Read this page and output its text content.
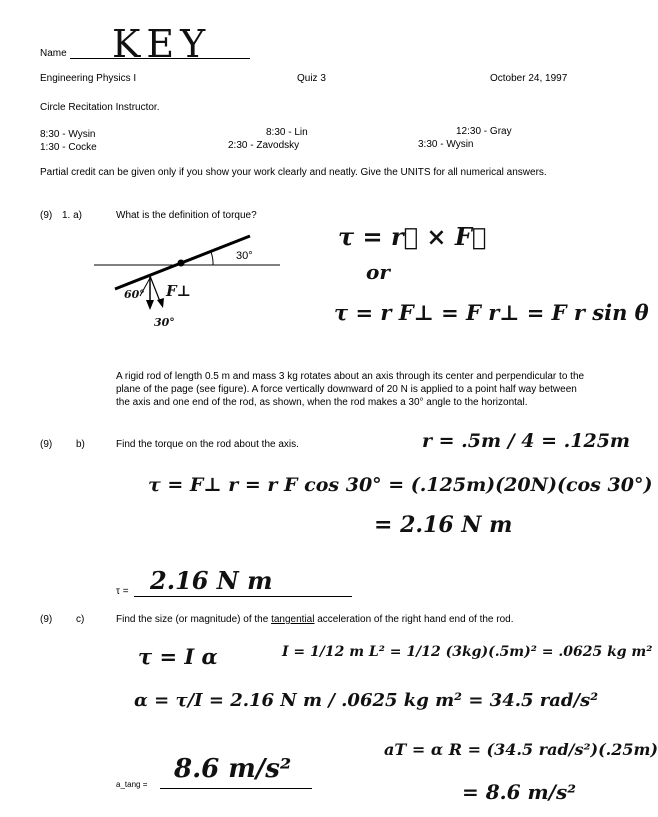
Name KEY
Engineering Physics I	Quiz 3	October 24, 1997
Circle Recitation Instructor.
8:30 - Wysin
1:30 - Cocke
8:30 - Lin
2:30 - Zavodsky
12:30 - Gray
3:30 - Wysin
Partial credit can be given only if you show your work clearly and neatly. Give the UNITS for all numerical answers.
(9) 1. a)	What is the definition of torque?
τ = r⃗ × F⃗
or
τ = r F⊥ = F r⊥ = F r sin θ
30°
60°
30°
F⊥
A rigid rod of length 0.5 m and mass 3 kg rotates about an axis through its center and perpendicular to the plane of the page (see figure). A force vertically downward of 20 N is applied to a point half way between the axis and one end of the rod, as shown, when the rod makes a 30° angle to the horizontal.
(9) b)	Find the torque on the rod about the axis.	r = .5m / 4 = .125m
τ = F⊥ r = r F cos 30° = (.125m)(20N)(cos 30°)
= 2.16 N m
τ = 2.16 N m
(9) c)	Find the size (or magnitude) of the tangential acceleration of the right hand end of the rod.
τ = I α	I = 1/12 m L² = 1/12 (3kg)(.5m)² = .0625 kg m²
α = τ/I = 2.16 N m / .0625 kg m² = 34.5 rad/s²
aT = α R = (34.5 rad/s²)(.25m)
= 8.6 m/s²
a_tang =
8.6 m/s²
